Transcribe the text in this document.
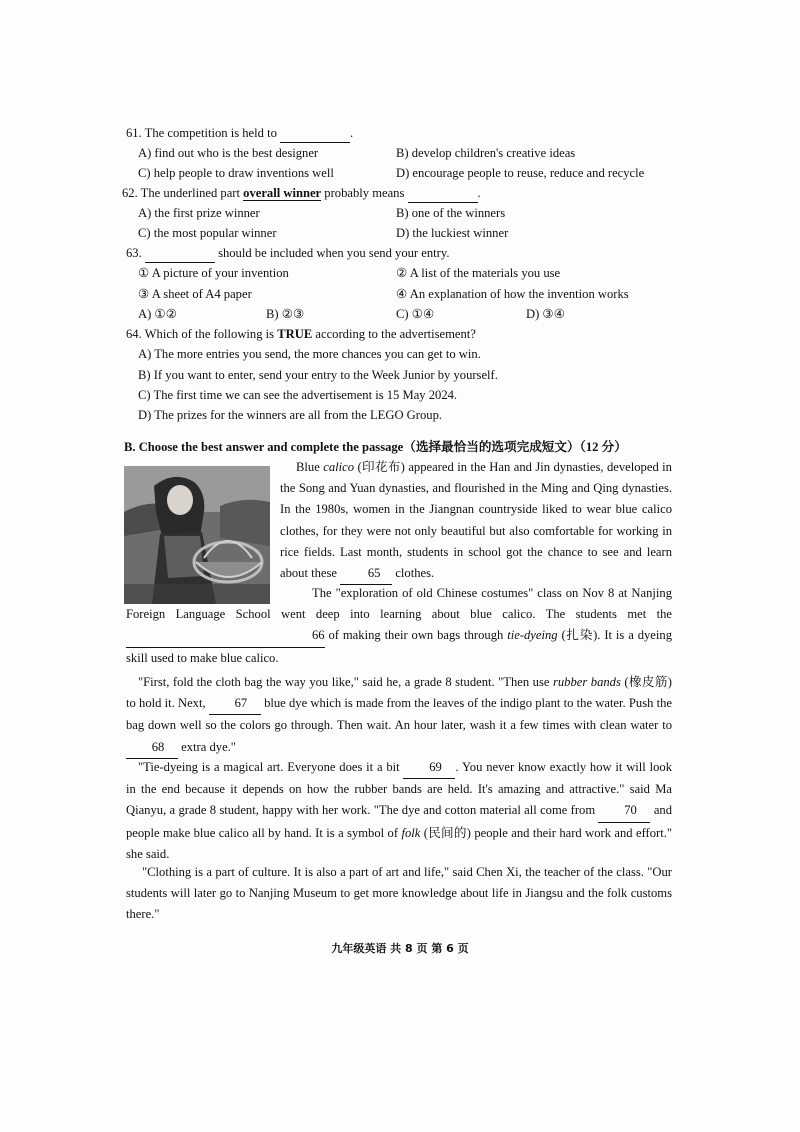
61. The competition is held to	.
A) find out who is the best designer	B) develop children's creative ideas
C) help people to draw inventions well	D) encourage people to reuse, reduce and recycle
62. The underlined part overall winner probably means	.
A) the first prize winner	B) one of the winners
C) the most popular winner	D) the luckiest winner
63.	should be included when you send your entry.
① A picture of your invention	② A list of the materials you use
③ A sheet of A4 paper	④ An explanation of how the invention works
A) ①②	B) ②③	C) ①④	D) ③④
64. Which of the following is TRUE according to the advertisement?
A) The more entries you send, the more chances you can get to win.
B) If you want to enter, send your entry to the Week Junior by yourself.
C) The first time we can see the advertisement is 15 May 2024.
D) The prizes for the winners are all from the LEGO Group.
B. Choose the best answer and complete the passage（选择最恰当的选项完成短文）（12 分）
Blue calico (印花布) appeared in the Han and Jin dynasties, developed in the Song and Yuan dynasties, and flourished in the Ming and Qing dynasties. In the 1980s, women in the Jiangnan countryside liked to wear blue calico clothes, for they were not only beautiful but also comfortable for working in rice fields. Last month, students in school got the chance to see and learn about these 65 clothes.
The "exploration of old Chinese costumes" class on Nov 8 at Nanjing Foreign Language School went deep into learning about blue calico. The students met the 66 of making their own bags through tie-dyeing (扎染). It is a dyeing skill used to make blue calico.
"First, fold the cloth bag the way you like," said he, a grade 8 student. "Then use rubber bands (橡皮筋) to hold it. Next, 67 blue dye which is made from the leaves of the indigo plant to the water. Push the bag down well so the colors go through. Then wait. An hour later, wash it a few times with clean water to 68 extra dye."
"Tie-dyeing is a magical art. Everyone does it a bit 69 . You never know exactly how it will look in the end because it depends on how the rubber bands are held. It's amazing and attractive." said Ma Qianyu, a grade 8 student, happy with her work. "The dye and cotton material all come from 70 and people make blue calico all by hand. It is a symbol of folk (民间的) people and their hard work and effort." she said.
"Clothing is a part of culture. It is also a part of art and life," said Chen Xi, the teacher of the class. "Our students will later go to Nanjing Museum to get more knowledge about life in Jiangsu and the folk customs there."
九年级英语 共 8 页 第 6 页
